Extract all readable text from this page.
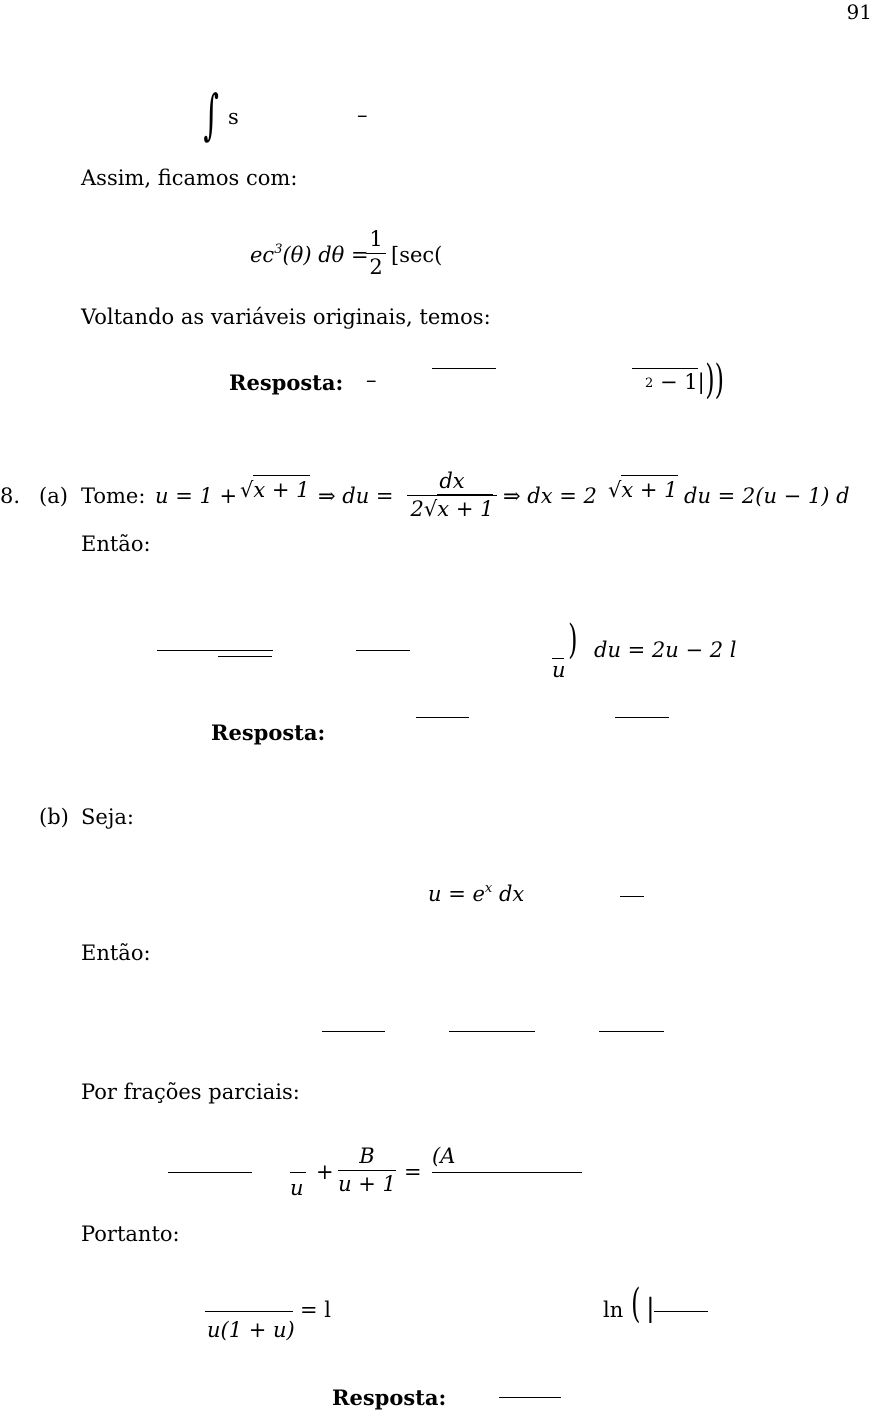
91
∫ s	–
Assim, ficamos com:
$ec^3(\theta) d\theta$ =
1
2
[sec(
Voltando as variáveis originais, temos:
Resposta: –	2 − 1| ))
8. (a) Tome: u = 1 + √x + 1 ⇒ du =
dx
2√x + 1
⇒ dx = 2 √x + 1 du = 2(u − 1) d
Então:
u
) du = 2u − 2 l
Resposta:
(b) Seja:
$u = e^x$ dx
Então:
Por frações parciais:
u
+
B
u + 1
=
(A
Portanto:
u(1 + u)
= l	ln ( |
Resposta:
